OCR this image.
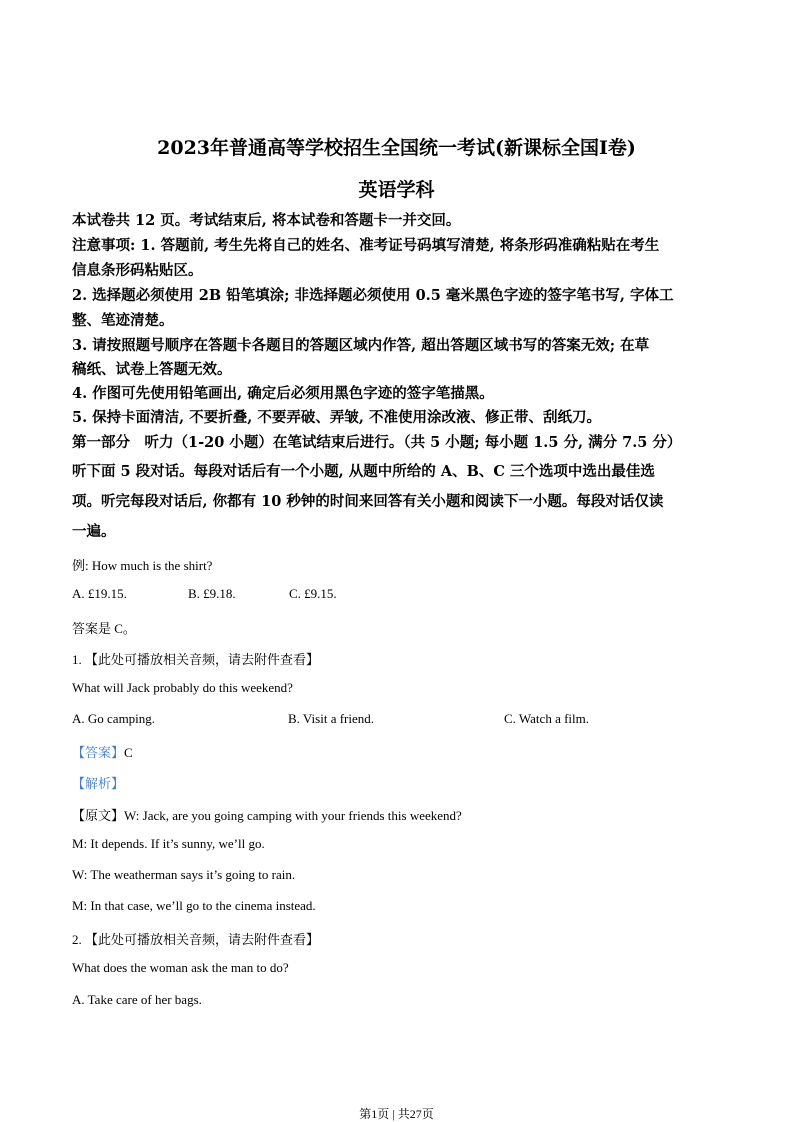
2023年普通高等学校招生全国统一考试(新课标全国Ⅰ卷)
英语学科
本试卷共 12 页。考试结束后, 将本试卷和答题卡一并交回。
注意事项: 1. 答题前, 考生先将自己的姓名、准考证号码填写清楚, 将条形码准确粘贴在考生
信息条形码粘贴区。
2. 选择题必须使用 2B 铅笔填涂; 非选择题必须使用 0.5 毫米黑色字迹的签字笔书写, 字体工
整、笔迹清楚。
3. 请按照题号顺序在答题卡各题目的答题区域内作答, 超出答题区域书写的答案无效; 在草
稿纸、试卷上答题无效。
4. 作图可先使用铅笔画出, 确定后必须用黑色字迹的签字笔描黑。
5. 保持卡面清洁, 不要折叠, 不要弄破、弄皱, 不准使用涂改液、修正带、刮纸刀。
第一部分　听力（1-20 小题）在笔试结束后进行。（共 5 小题; 每小题 1.5 分, 满分 7.5 分）
听下面 5 段对话。每段对话后有一个小题, 从题中所给的 A、B、C 三个选项中选出最佳选
项。听完每段对话后, 你都有 10 秒钟的时间来回答有关小题和阅读下一小题。每段对话仅读
一遍。
例: How much is the shirt?
A. £19.15.	B. £9.18.	C. £9.15.
答案是 C。
1. 【此处可播放相关音频，请去附件查看】
What will Jack probably do this weekend?
A. Go camping.	B. Visit a friend.	C. Watch a film.
【答案】C
【解析】
【原文】W: Jack, are you going camping with your friends this weekend?
M: It depends. If it’s sunny, we’ll go.
W: The weatherman says it’s going to rain.
M: In that case, we’ll go to the cinema instead.
2. 【此处可播放相关音频，请去附件查看】
What does the woman ask the man to do?
A. Take care of her bags.
第1页 | 共27页
